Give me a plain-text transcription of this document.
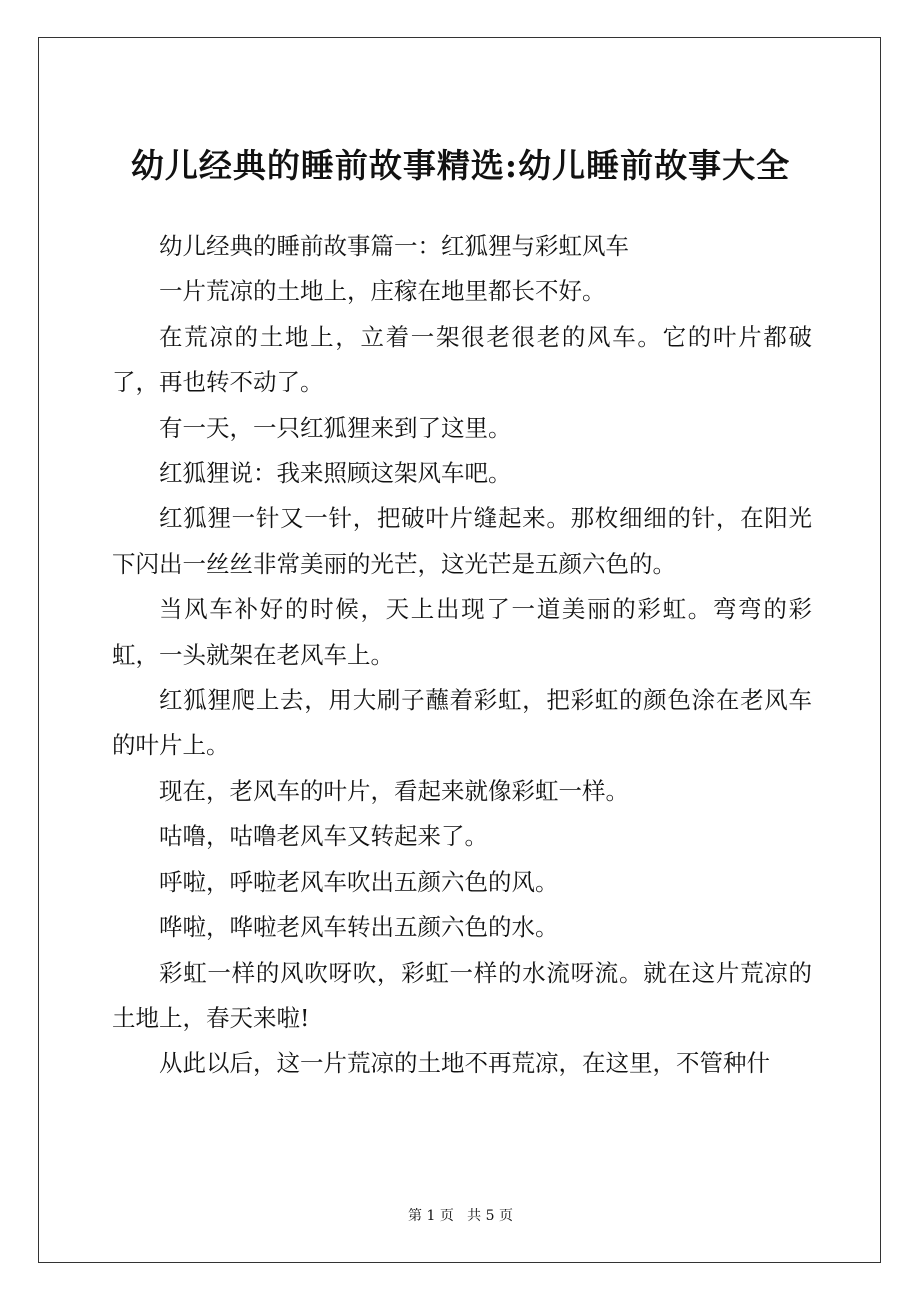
幼儿经典的睡前故事精选:幼儿睡前故事大全

幼儿经典的睡前故事篇一：红狐狸与彩虹风车

一片荒凉的土地上，庄稼在地里都长不好。

在荒凉的土地上，立着一架很老很老的风车。它的叶片都破了，再也转不动了。

有一天，一只红狐狸来到了这里。

红狐狸说：我来照顾这架风车吧。

红狐狸一针又一针，把破叶片缝起来。那枚细细的针，在阳光下闪出一丝丝非常美丽的光芒，这光芒是五颜六色的。

当风车补好的时候，天上出现了一道美丽的彩虹。弯弯的彩虹，一头就架在老风车上。

红狐狸爬上去，用大刷子蘸着彩虹，把彩虹的颜色涂在老风车的叶片上。

现在，老风车的叶片，看起来就像彩虹一样。

咕噜，咕噜老风车又转起来了。

呼啦，呼啦老风车吹出五颜六色的风。

哗啦，哗啦老风车转出五颜六色的水。

彩虹一样的风吹呀吹，彩虹一样的水流呀流。就在这片荒凉的土地上，春天来啦!

从此以后，这一片荒凉的土地不再荒凉，在这里，不管种什

第 1 页   共 5 页
